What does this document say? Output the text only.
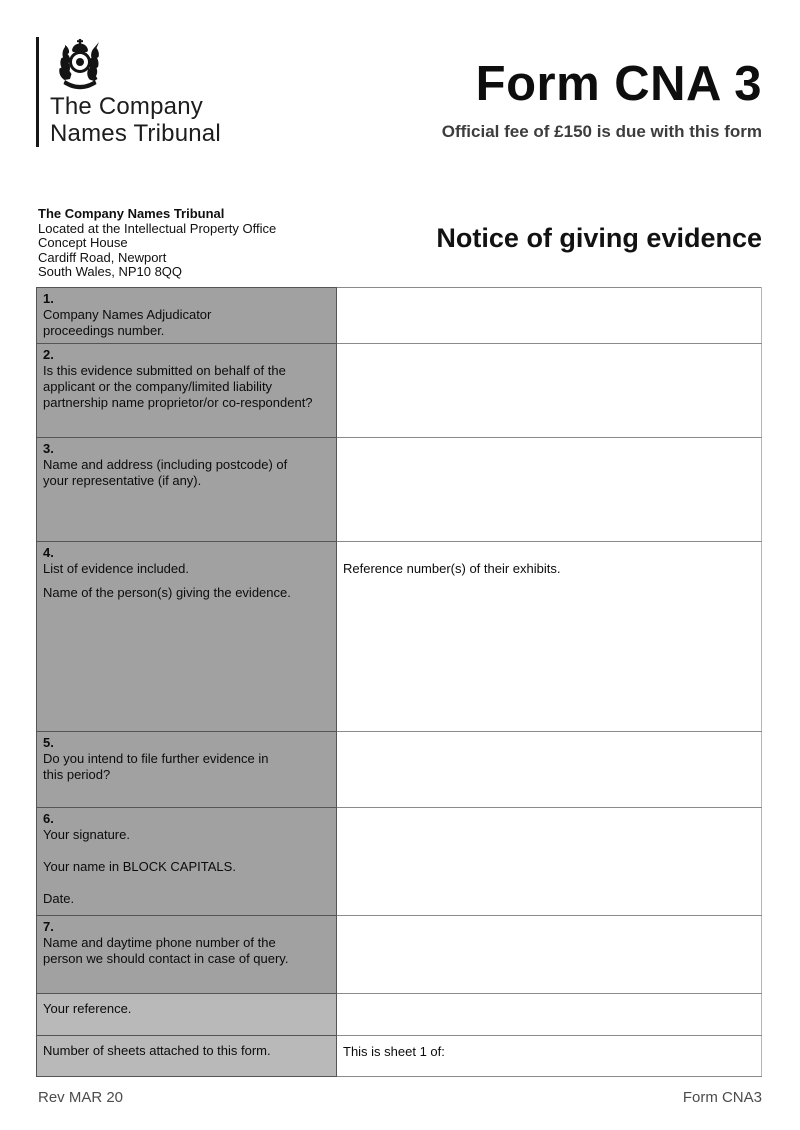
The Company
Names Tribunal
Form CNA 3
Official fee of £150 is due with this form
The Company Names Tribunal
Located at the Intellectual Property Office
Concept House
Cardiff Road, Newport
South Wales, NP10 8QQ
Notice of giving evidence
1.
Company Names Adjudicator
proceedings number.	

2.
Is this evidence submitted on behalf of the
applicant or the company/limited liability
partnership name proprietor/or co-respondent?	

3.
Name and address (including postcode) of
your representative (if any).	

4.
List of evidence included.
Name of the person(s) giving the evidence.	Reference number(s) of their exhibits.

5.
Do you intend to file further evidence in
this period?	

6.
Your signature.
Your name in BLOCK CAPITALS.
Date.	

7.
Name and daytime phone number of the
person we should contact in case of query.	

Your reference.	

Number of sheets attached to this form.	This is sheet 1 of:
Rev MAR 20	Form CNA3
